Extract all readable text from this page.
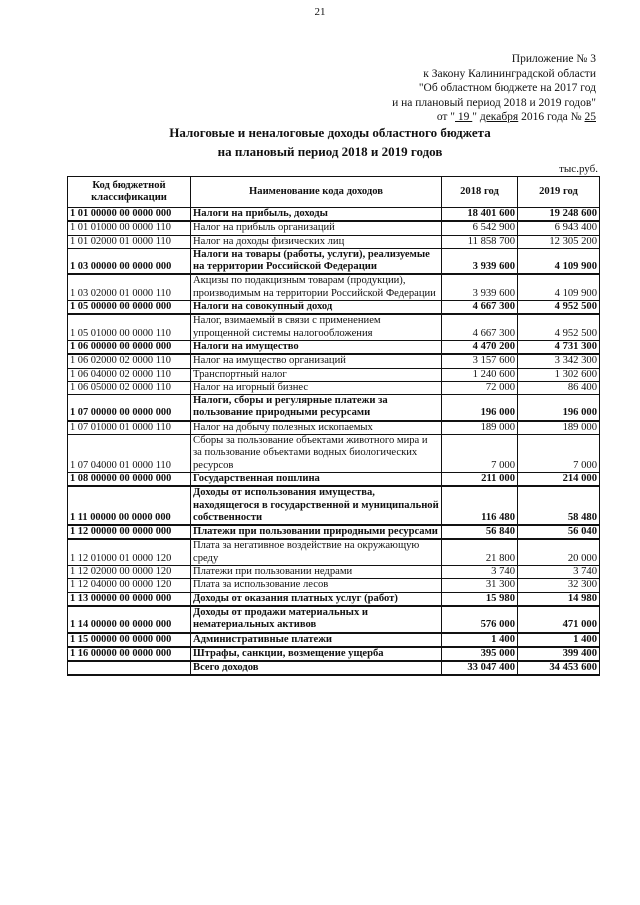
21
Приложение № 3
к Закону Калининградской области
"Об областном бюджете на 2017 год
и на плановый период 2018 и 2019 годов"
от " 19 " декабря 2016 года № 25
Налоговые и неналоговые доходы областного бюджета
на плановый период 2018 и 2019 годов
тыс.руб.
Код бюджетной классификации	Наименование кода доходов	2018 год	2019 год
1 01 00000 00 0000 000	Налоги на прибыль, доходы	18 401 600	19 248 600
1 01 01000 00 0000 110	Налог на прибыль организаций	6 542 900	6 943 400
1 01 02000 01 0000 110	Налог на доходы физических лиц	11 858 700	12 305 200
1 03 00000 00 0000 000	Налоги на товары (работы, услуги), реализуемые на территории Российской Федерации	3 939 600	4 109 900
1 03 02000 01 0000 110	Акцизы по подакцизным товарам (продукции), производимым на территории Российской Федерации	3 939 600	4 109 900
1 05 00000 00 0000 000	Налоги на совокупный доход	4 667 300	4 952 500
1 05 01000 00 0000 110	Налог, взимаемый в связи с применением упрощенной системы налогообложения	4 667 300	4 952 500
1 06 00000 00 0000 000	Налоги на имущество	4 470 200	4 731 300
1 06 02000 02 0000 110	Налог на имущество организаций	3 157 600	3 342 300
1 06 04000 02 0000 110	Транспортный налог	1 240 600	1 302 600
1 06 05000 02 0000 110	Налог на игорный бизнес	72 000	86 400
1 07 00000 00 0000 000	Налоги, сборы и регулярные платежи за пользование природными ресурсами	196 000	196 000
1 07 01000 01 0000 110	Налог на добычу полезных ископаемых	189 000	189 000
1 07 04000 01 0000 110	Сборы за пользование объектами животного мира и за пользование объектами водных биологических ресурсов	7 000	7 000
1 08 00000 00 0000 000	Государственная пошлина	211 000	214 000
1 11 00000 00 0000 000	Доходы от использования имущества, находящегося в государственной и муниципальной собственности	116 480	58 480
1 12 00000 00 0000 000	Платежи при пользовании природными ресурсами	56 840	56 040
1 12 01000 01 0000 120	Плата за негативное воздействие на окружающую среду	21 800	20 000
1 12 02000 00 0000 120	Платежи при пользовании недрами	3 740	3 740
1 12 04000 00 0000 120	Плата за использование лесов	31 300	32 300
1 13 00000 00 0000 000	Доходы от оказания платных услуг (работ)	15 980	14 980
1 14 00000 00 0000 000	Доходы от продажи материальных и нематериальных активов	576 000	471 000
1 15 00000 00 0000 000	Административные платежи	1 400	1 400
1 16 00000 00 0000 000	Штрафы, санкции, возмещение ущерба	395 000	399 400
	Всего доходов	33 047 400	34 453 600
